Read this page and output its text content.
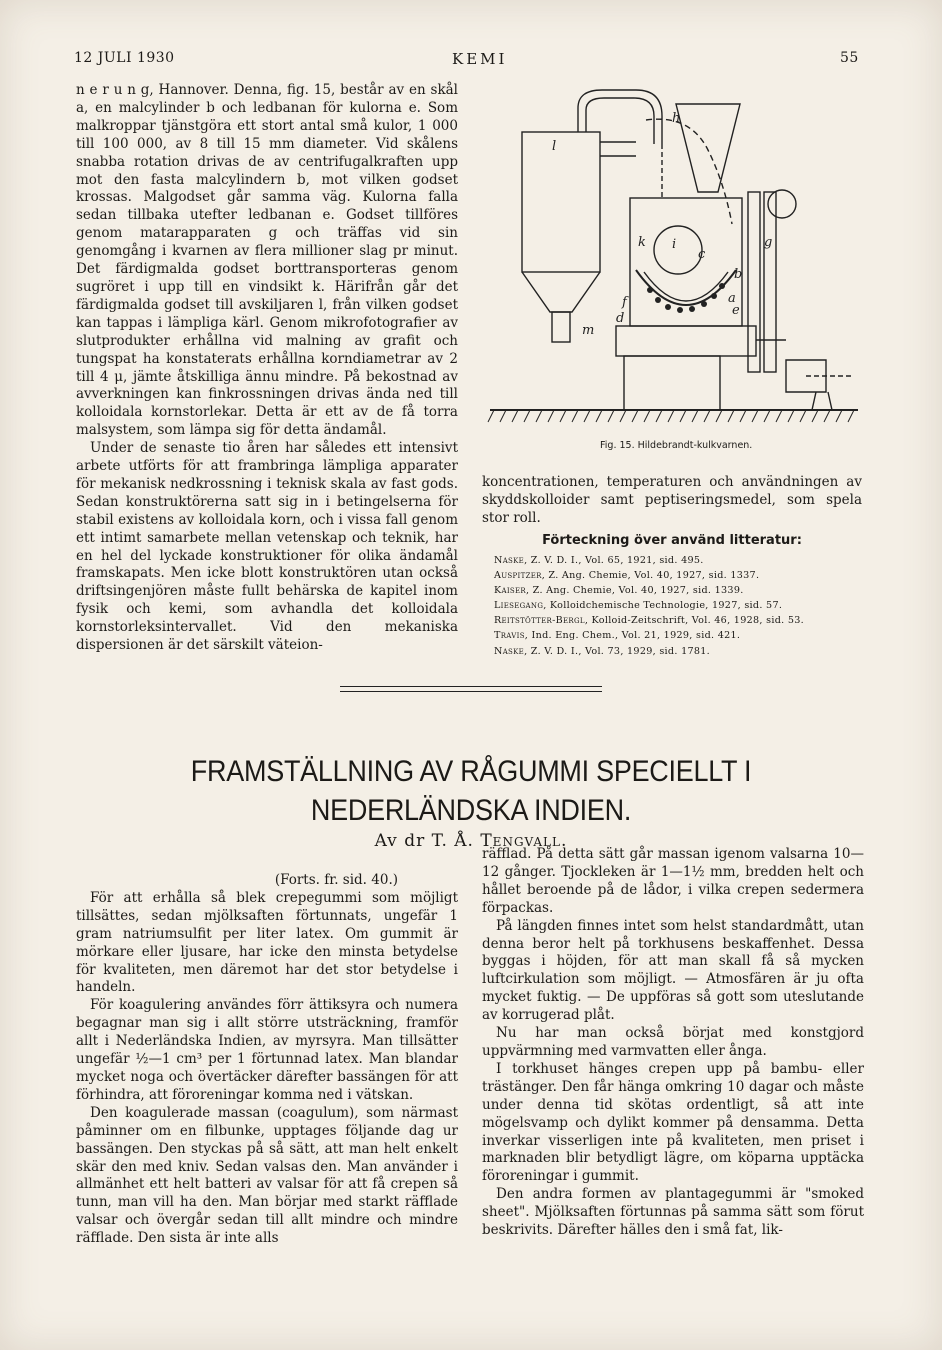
12 JULI 1930	KEMI	55

n e r u n g, Hannover. Denna, fig. 15, består av en skål a, en malcylinder b och ledbanan för kulorna e. Som malkroppar tjänstgöra ett stort antal små kulor, 1 000 till 100 000, av 8 till 15 mm diameter. Vid skålens snabba rotation drivas de av centrifugalkraften upp mot den fasta malcylindern b, mot vilken godset krossas. Malgodset går samma väg. Kulorna falla sedan tillbaka utefter ledbanan e. Godset tillföres genom matarapparaten g och träffas vid sin genomgång i kvarnen av flera millioner slag pr minut. Det färdigmalda godset borttransporteras genom sugröret i upp till en vindsikt k. Härifrån går det färdigmalda godset till avskiljaren l, från vilken godset kan tappas i lämpliga kärl. Genom mikrofotografier av slutprodukter erhållna vid malning av grafit och tungspat ha konstaterats erhållna korndiametrar av 2 till 4 μ, jämte åtskilliga ännu mindre. På bekostnad av avverkningen kan finkrossningen drivas ända ned till kolloidala kornstorlekar. Detta är ett av de få torra malsystem, som lämpa sig för detta ändamål.

Under de senaste tio åren har således ett intensivt arbete utförts för att frambringa lämpliga apparater för mekanisk nedkrossning i teknisk skala av fast gods. Sedan konstruktörerna satt sig in i betingelserna för stabil existens av kolloidala korn, och i vissa fall genom ett intimt samarbete mellan vetenskap och teknik, har en hel del lyckade konstruktioner för olika ändamål framskapats. Men icke blott konstruktören utan också driftsingenjören måste fullt behärska de kapitel inom fysik och kemi, som avhandla det kolloidala kornstorleksintervallet. Vid den mekaniska dispersionen är det särskilt väteion-

l
h
k i
c
g
b
a
e
f
d
m
Fig. 15. Hildebrandt-kulkvarnen.

koncentrationen, temperaturen och användningen av skyddskolloider samt peptiseringsmedel, som spela stor roll.

Förteckning över använd litteratur:
Naske, Z. V. D. I., Vol. 65, 1921, sid. 495.
Auspitzer, Z. Ang. Chemie, Vol. 40, 1927, sid. 1337.
Kaiser, Z. Ang. Chemie, Vol. 40, 1927, sid. 1339.
Liesegang, Kolloidchemische Technologie, 1927, sid. 57.
Reitstötter-Bergl, Kolloid-Zeitschrift, Vol. 46, 1928, sid. 53.
Travis, Ind. Eng. Chem., Vol. 21, 1929, sid. 421.
Naske, Z. V. D. I., Vol. 73, 1929, sid. 1781.
FRAMSTÄLLNING AV RÅGUMMI SPECIELLT I NEDERLÄNDSKA INDIEN.
Av dr T. Å. Tengvall.

(Forts. fr. sid. 40.)

För att erhålla så blek crepegummi som möjligt tillsättes, sedan mjölksaften förtunnats, ungefär 1 gram natriumsulfit per liter latex. Om gummit är mörkare eller ljusare, har icke den minsta betydelse för kvaliteten, men däremot har det stor betydelse i handeln.

För koagulering användes förr ättiksyra och numera begagnar man sig i allt större utsträckning, framför allt i Nederländska Indien, av myrsyra. Man tillsätter ungefär ½—1 cm³ per 1 förtunnad latex. Man blandar mycket noga och övertäcker därefter bassängen för att förhindra, att föroreningar komma ned i vätskan.

Den koagulerade massan (coagulum), som närmast påminner om en filbunke, upptages följande dag ur bassängen. Den styckas på så sätt, att man helt enkelt skär den med kniv. Sedan valsas den. Man använder i allmänhet ett helt batteri av valsar för att få crepen så tunn, man vill ha den. Man börjar med starkt räfflade valsar och övergår sedan till allt mindre och mindre räfflade. Den sista är inte alls

räfflad. På detta sätt går massan igenom valsarna 10—12 gånger. Tjockleken är 1—1½ mm, bredden helt och hållet beroende på de lådor, i vilka crepen sedermera förpackas.

På längden finnes intet som helst standardmått, utan denna beror helt på torkhusens beskaffenhet. Dessa byggas i höjden, för att man skall få så mycken luftcirkulation som möjligt. — Atmosfären är ju ofta mycket fuktig. — De uppföras så gott som uteslutande av korrugerad plåt.

Nu har man också börjat med konstgjord uppvärmning med varmvatten eller ånga.

I torkhuset hänges crepen upp på bambu- eller trästänger. Den får hänga omkring 10 dagar och måste under denna tid skötas ordentligt, så att inte mögelsvamp och dylikt kommer på densamma. Detta inverkar visserligen inte på kvaliteten, men priset i marknaden blir betydligt lägre, om köparna upptäcka föroreningar i gummit.

Den andra formen av plantagegummi är "smoked sheet". Mjölksaften förtunnas på samma sätt som förut beskrivits. Därefter hälles den i små fat, lik-
